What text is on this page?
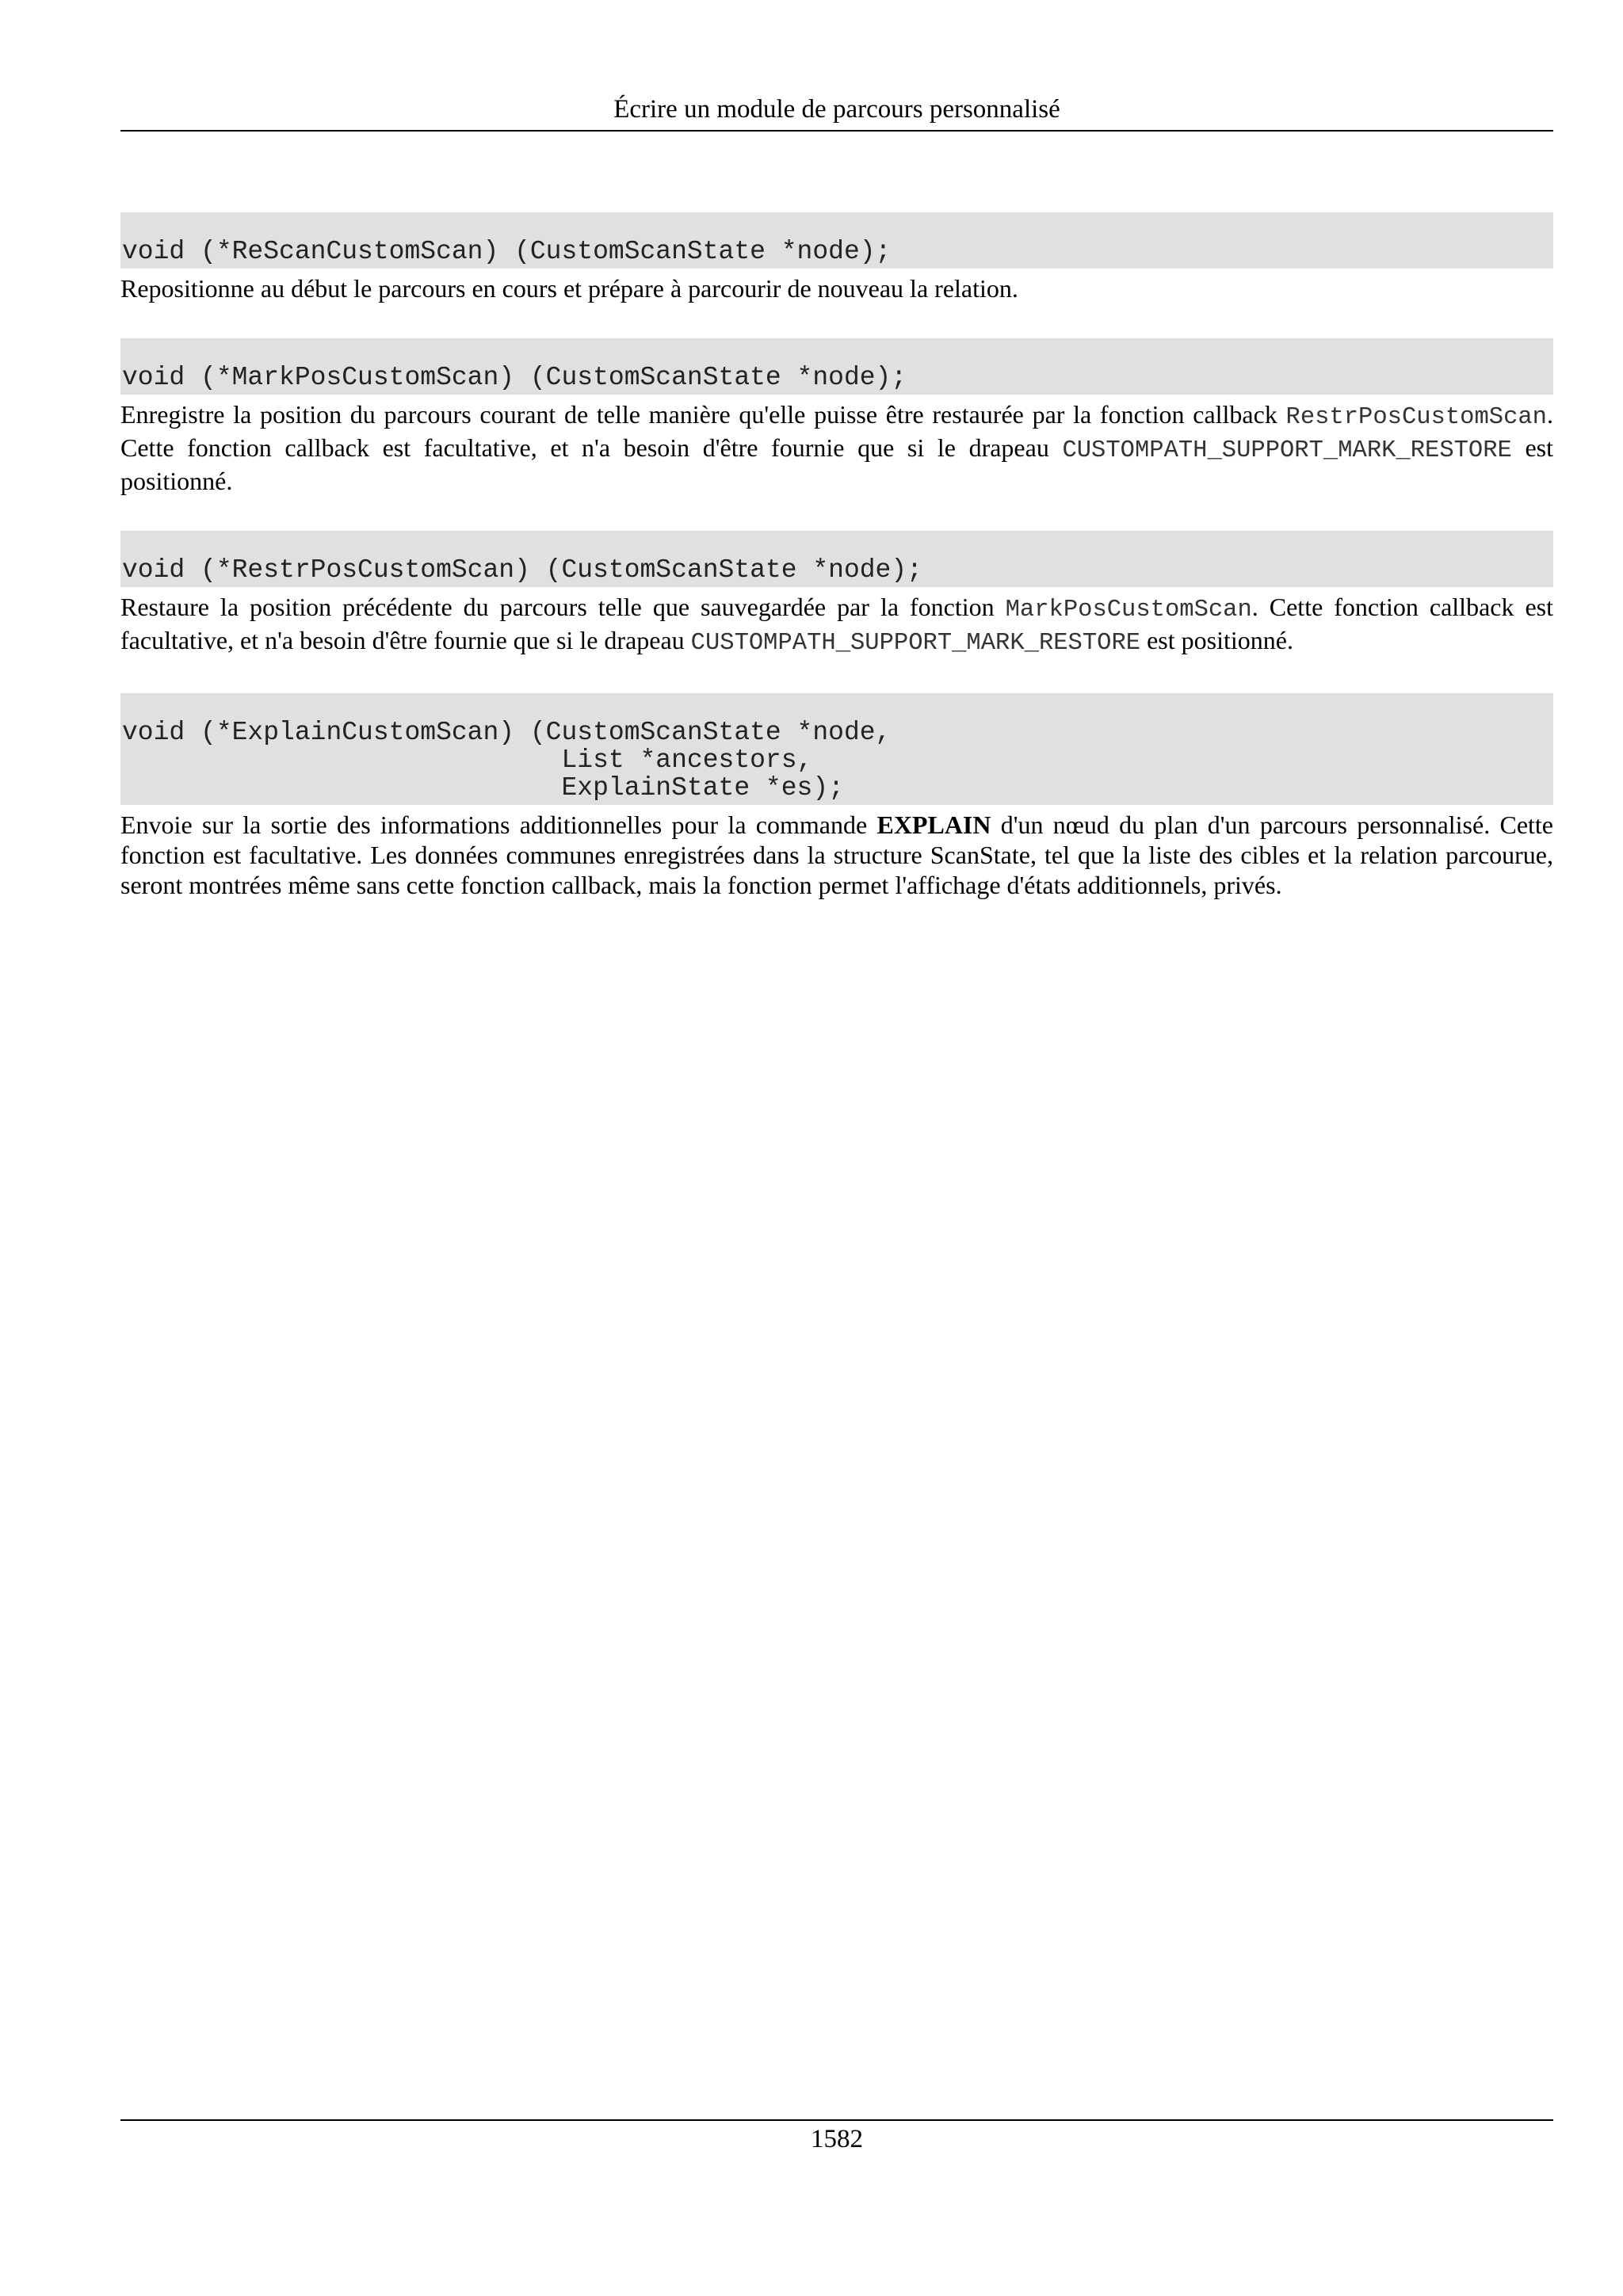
Écrire un module de parcours personnalisé
void (*ReScanCustomScan) (CustomScanState *node);

Repositionne au début le parcours en cours et prépare à parcourir de nouveau la relation.

void (*MarkPosCustomScan) (CustomScanState *node);

Enregistre la position du parcours courant de telle manière qu'elle puisse être restaurée par la fonction callback RestrPosCustomScan. Cette fonction callback est facultative, et n'a besoin d'être fournie que si le drapeau CUSTOMPATH_SUPPORT_MARK_RESTORE est positionné.

void (*RestrPosCustomScan) (CustomScanState *node);

Restaure la position précédente du parcours telle que sauvegardée par la fonction MarkPosCustomScan. Cette fonction callback est facultative, et n'a besoin d'être fournie que si le drapeau CUSTOMPATH_SUPPORT_MARK_RESTORE est positionné.

void (*ExplainCustomScan) (CustomScanState *node,
List *ancestors,
ExplainState *es);

Envoie sur la sortie des informations additionnelles pour la commande EXPLAIN d'un nœud du plan d'un parcours personnalisé. Cette fonction est facultative. Les données communes enregistrées dans la structure ScanState, tel que la liste des cibles et la relation parcourue, seront montrées même sans cette fonction callback, mais la fonction permet l'affichage d'états additionnels, privés.

1582
